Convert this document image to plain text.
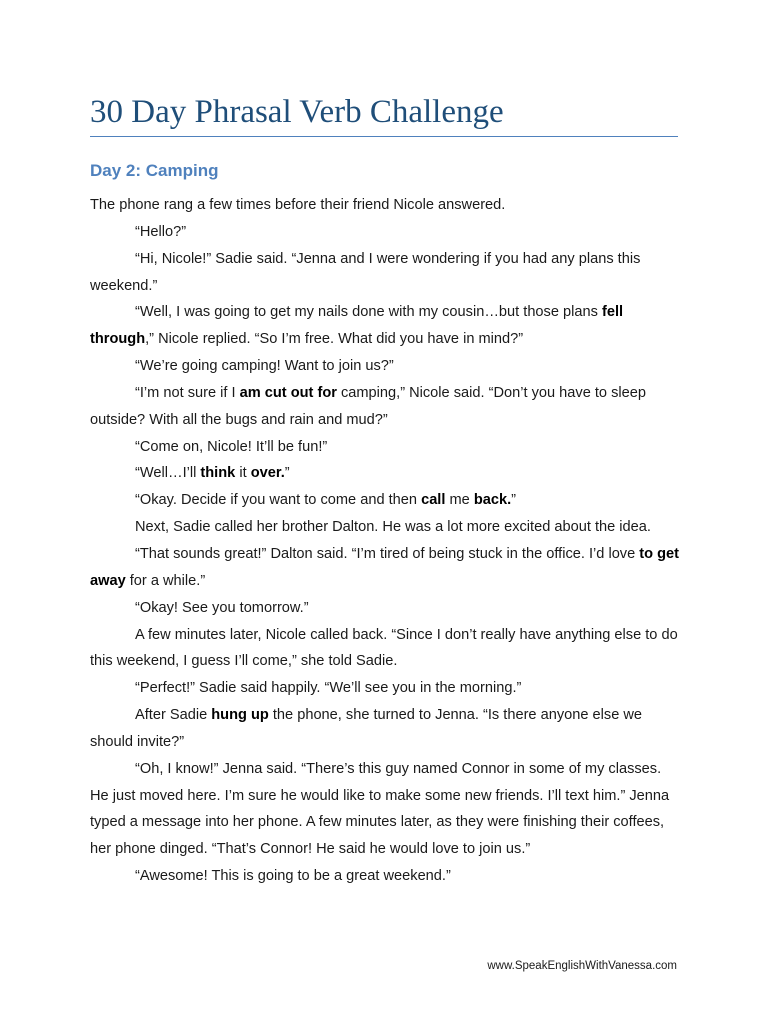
30 Day Phrasal Verb Challenge
Day 2: Camping

The phone rang a few times before their friend Nicole answered.

“Hello?”

“Hi, Nicole!” Sadie said. “Jenna and I were wondering if you had any plans this weekend.”

“Well, I was going to get my nails done with my cousin…but those plans fell through,” Nicole replied. “So I’m free. What did you have in mind?”

“We’re going camping! Want to join us?”

“I’m not sure if I am cut out for camping,” Nicole said. “Don’t you have to sleep outside? With all the bugs and rain and mud?”

“Come on, Nicole! It’ll be fun!”

“Well…I’ll think it over.”

“Okay. Decide if you want to come and then call me back.”

Next, Sadie called her brother Dalton. He was a lot more excited about the idea.

“That sounds great!” Dalton said. “I’m tired of being stuck in the office. I’d love to get away for a while.”

“Okay! See you tomorrow.”

A few minutes later, Nicole called back. “Since I don’t really have anything else to do this weekend, I guess I’ll come,” she told Sadie.

“Perfect!” Sadie said happily. “We’ll see you in the morning.”

After Sadie hung up the phone, she turned to Jenna. “Is there anyone else we should invite?”

“Oh, I know!” Jenna said. “There’s this guy named Connor in some of my classes. He just moved here. I’m sure he would like to make some new friends. I’ll text him.” Jenna typed a message into her phone. A few minutes later, as they were finishing their coffees, her phone dinged. “That’s Connor! He said he would love to join us.”

“Awesome! This is going to be a great weekend.”

www.SpeakEnglishWithVanessa.com
